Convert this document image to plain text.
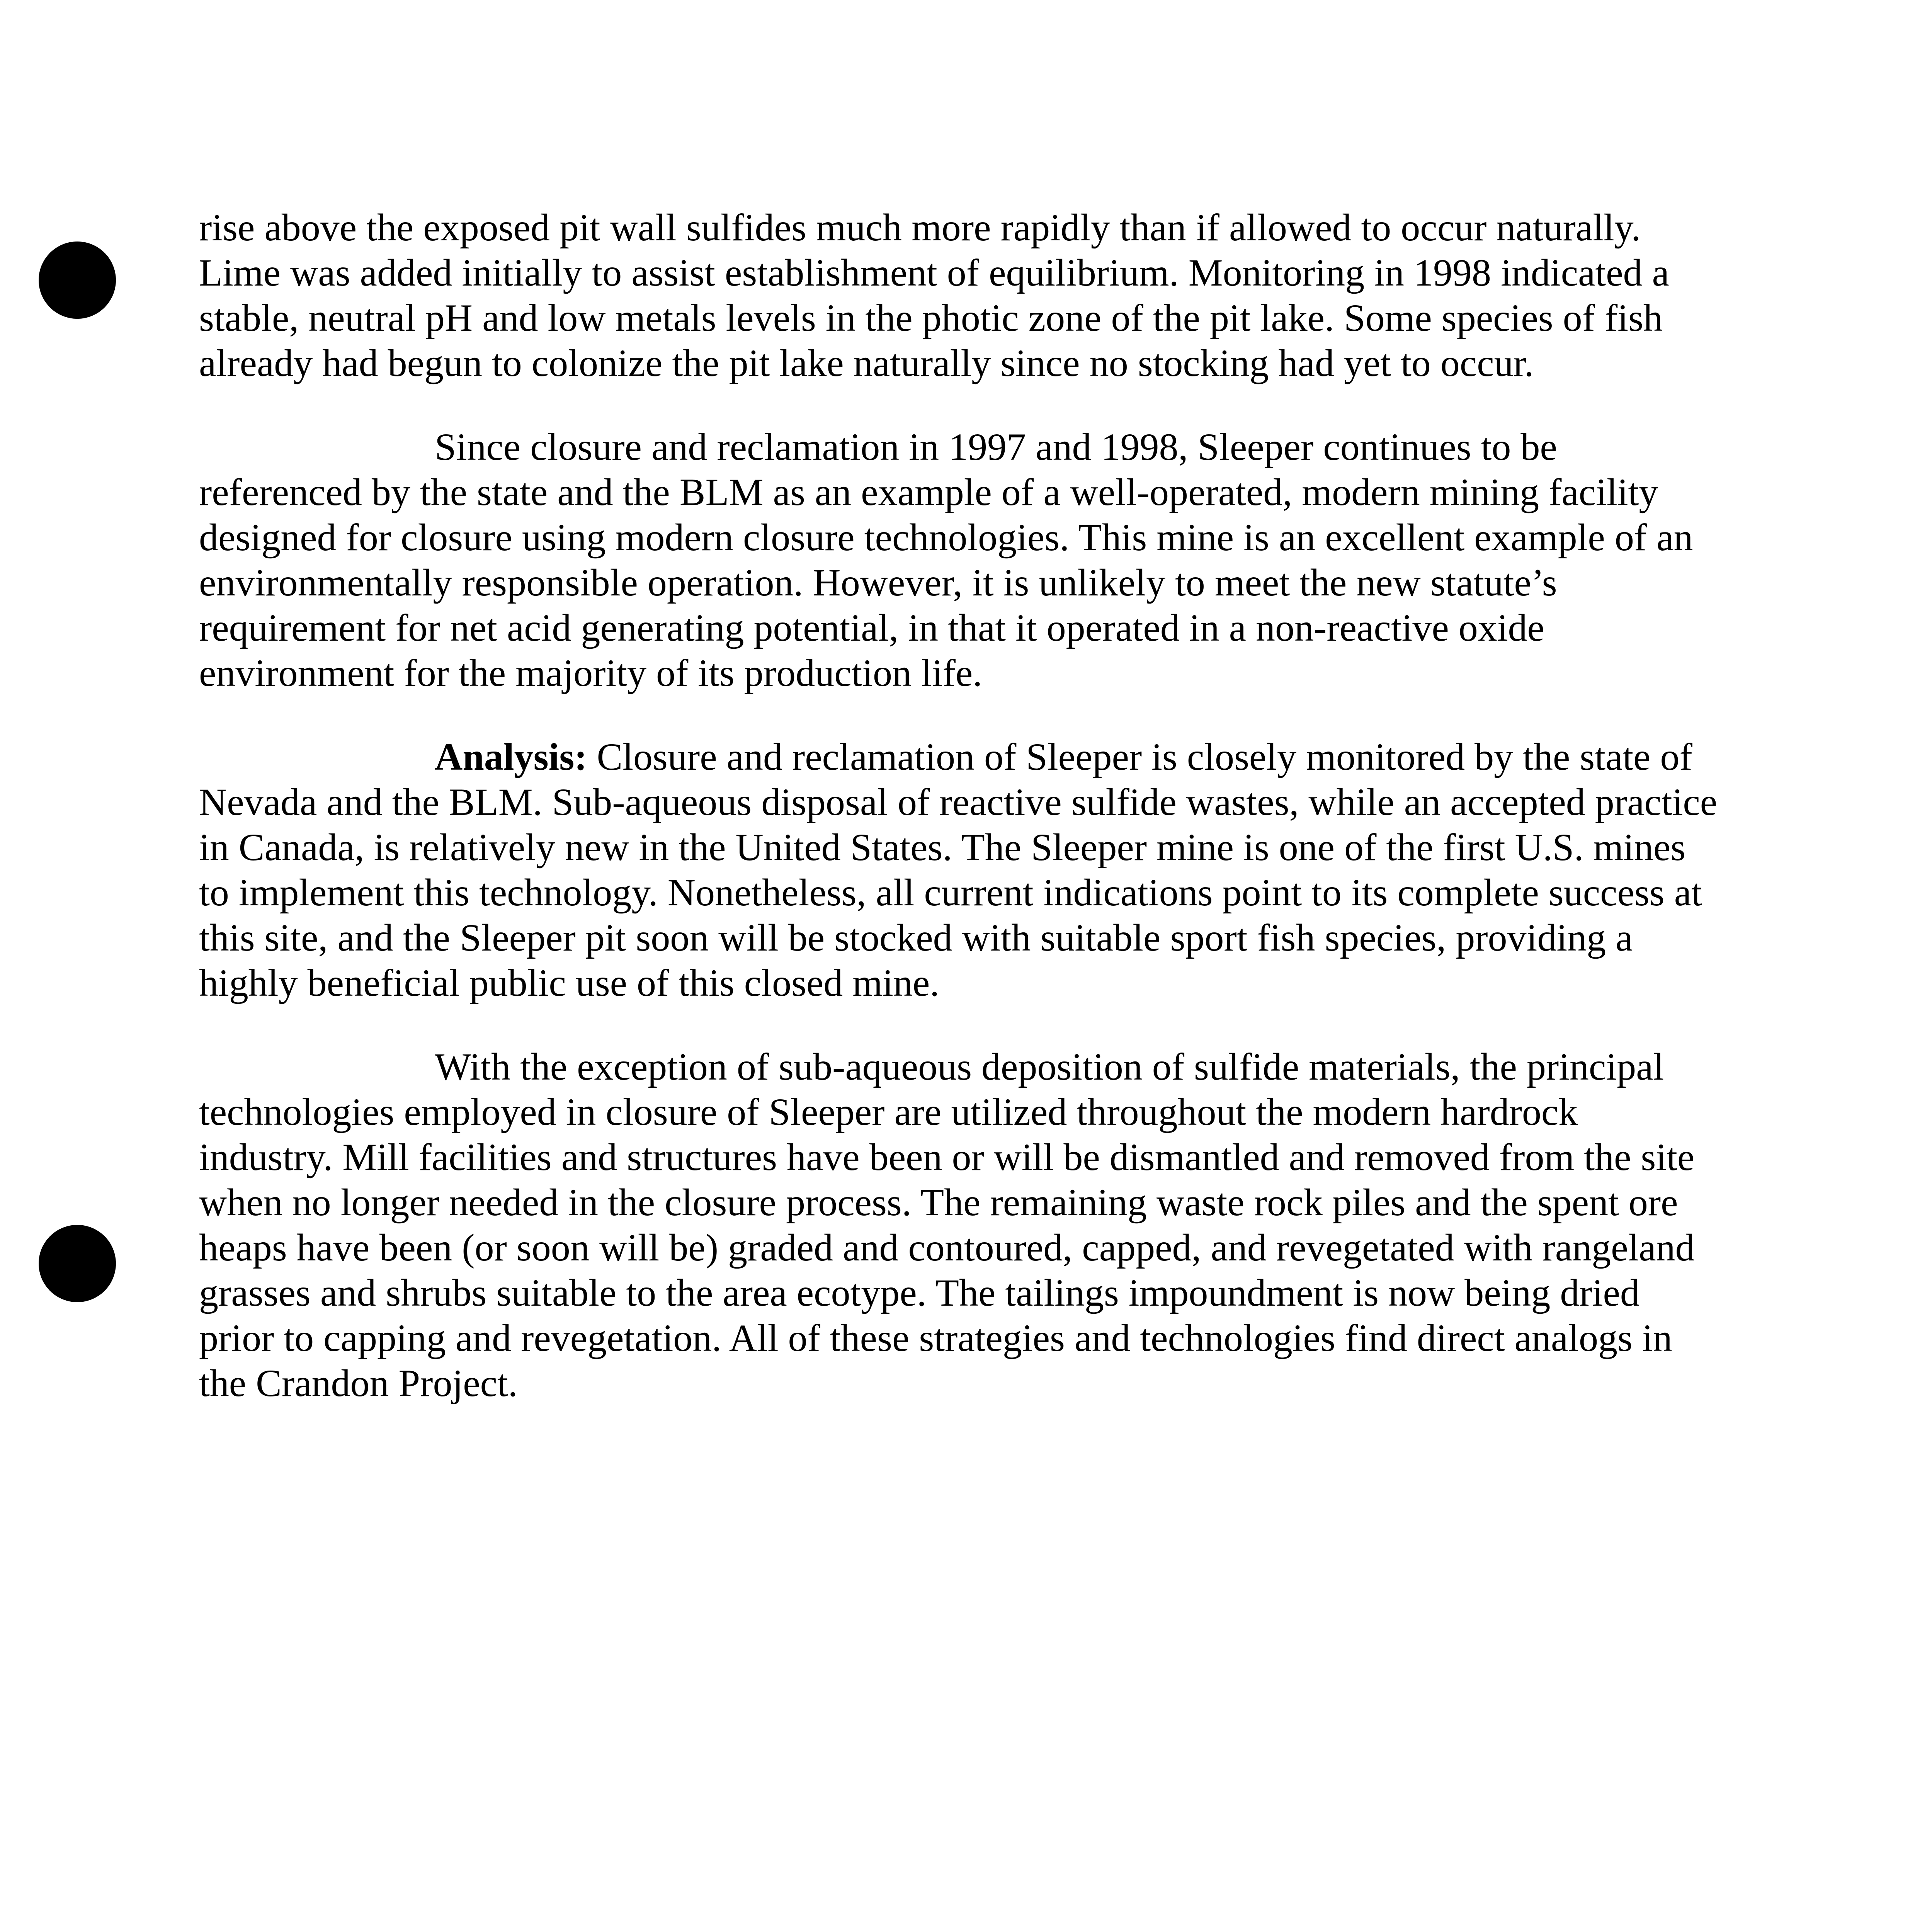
rise above the exposed pit wall sulfides much more rapidly than if allowed to occur naturally. Lime was added initially to assist establishment of equilibrium. Monitoring in 1998 indicated a stable, neutral pH and low metals levels in the photic zone of the pit lake. Some species of fish already had begun to colonize the pit lake naturally since no stocking had yet to occur.

Since closure and reclamation in 1997 and 1998, Sleeper continues to be referenced by the state and the BLM as an example of a well-operated, modern mining facility designed for closure using modern closure technologies. This mine is an excellent example of an environmentally responsible operation. However, it is unlikely to meet the new statute’s requirement for net acid generating potential, in that it operated in a non-reactive oxide environment for the majority of its production life.

Analysis: Closure and reclamation of Sleeper is closely monitored by the state of Nevada and the BLM. Sub-aqueous disposal of reactive sulfide wastes, while an accepted practice in Canada, is relatively new in the United States. The Sleeper mine is one of the first U.S. mines to implement this technology. Nonetheless, all current indications point to its complete success at this site, and the Sleeper pit soon will be stocked with suitable sport fish species, providing a highly beneficial public use of this closed mine.

With the exception of sub-aqueous deposition of sulfide materials, the principal technologies employed in closure of Sleeper are utilized throughout the modern hardrock industry. Mill facilities and structures have been or will be dismantled and removed from the site when no longer needed in the closure process. The remaining waste rock piles and the spent ore heaps have been (or soon will be) graded and contoured, capped, and revegetated with rangeland grasses and shrubs suitable to the area ecotype. The tailings impoundment is now being dried prior to capping and revegetation. All of these strategies and technologies find direct analogs in the Crandon Project.
